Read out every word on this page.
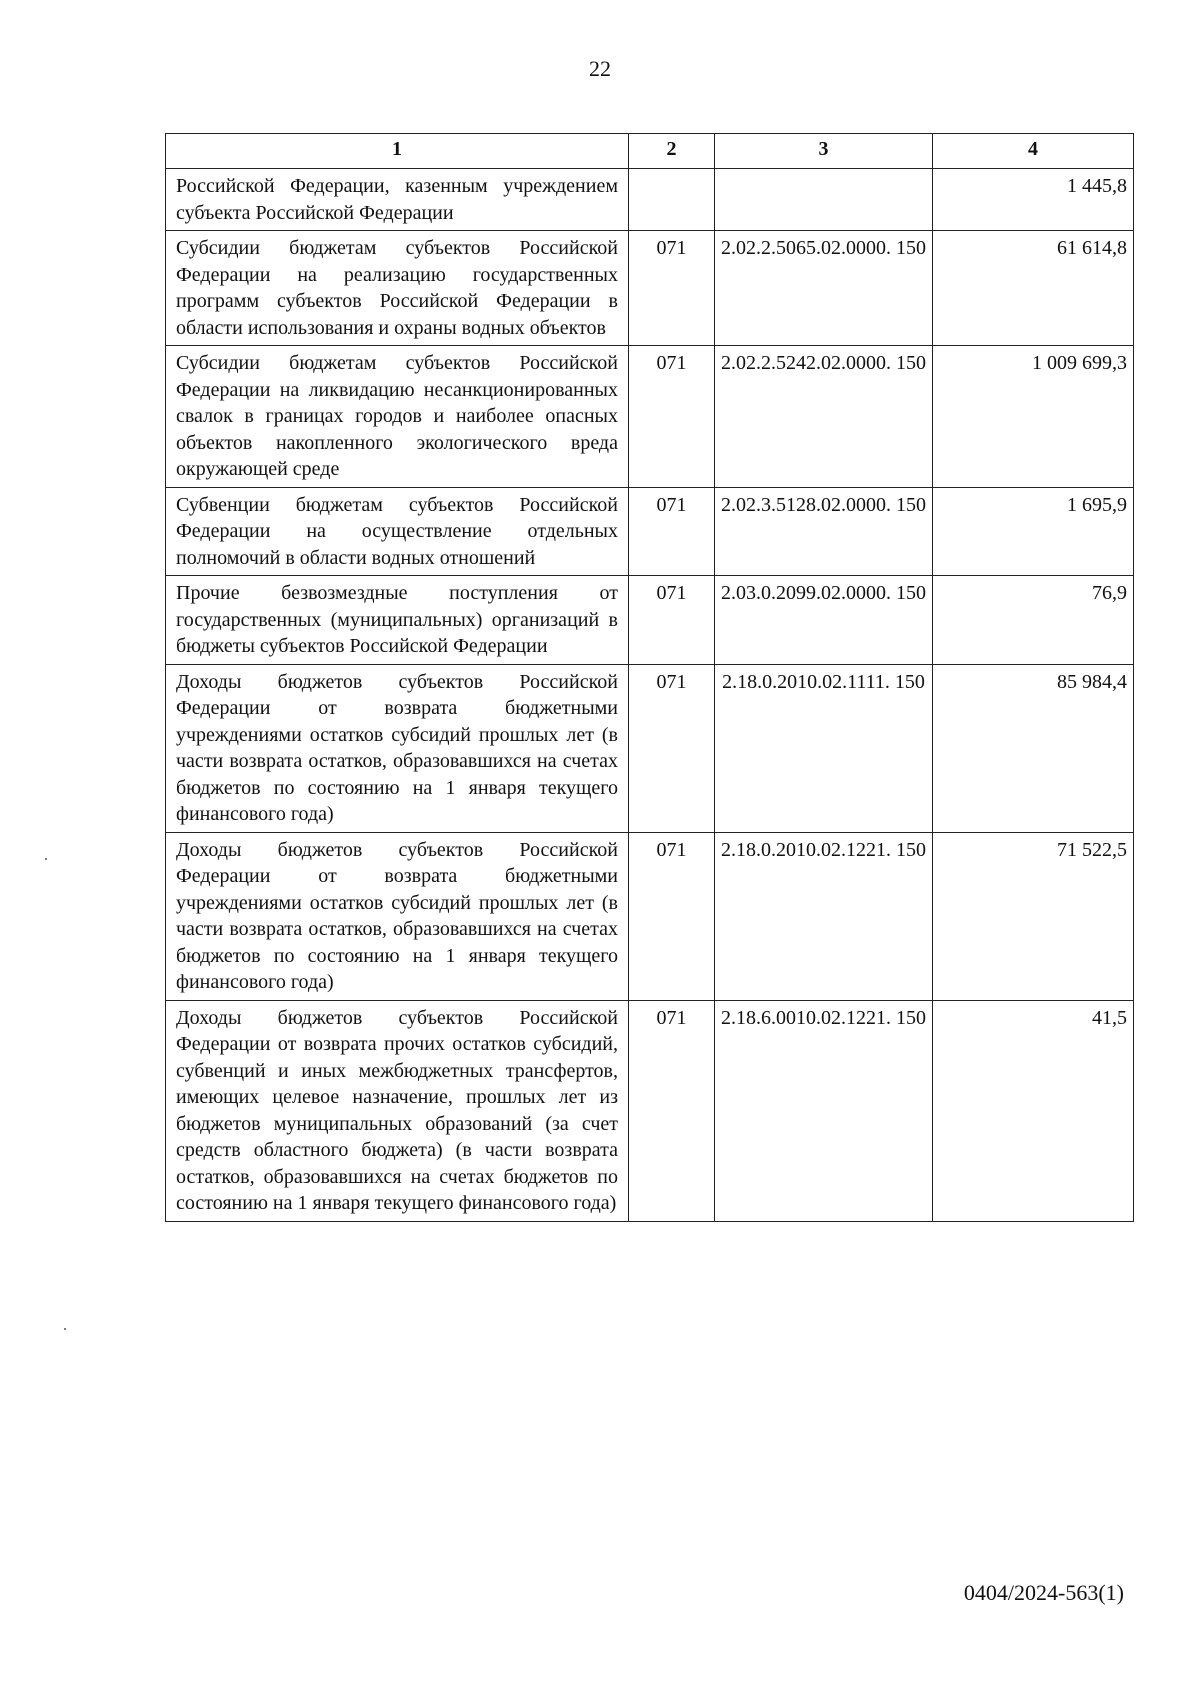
22
1	2	3	4
Российской Федерации, казенным учреждением субъекта Российской Федерации			1 445,8
Субсидии бюджетам субъектов Российской Федерации на реализацию государственных программ субъектов Российской Федерации в области использования и охраны водных объектов	071	2.02.2.5065.02.0000. 150	61 614,8
Субсидии бюджетам субъектов Российской Федерации на ликвидацию несанкционированных свалок в границах городов и наиболее опасных объектов накопленного экологического вреда окружающей среде	071	2.02.2.5242.02.0000. 150	1 009 699,3
Субвенции бюджетам субъектов Российской Федерации на осуществление отдельных полномочий в области водных отношений	071	2.02.3.5128.02.0000. 150	1 695,9
Прочие безвозмездные поступления от государственных (муниципальных) организаций в бюджеты субъектов Российской Федерации	071	2.03.0.2099.02.0000. 150	76,9
Доходы бюджетов субъектов Российской Федерации от возврата бюджетными учреждениями остатков субсидий прошлых лет (в части возврата остатков, образовавшихся на счетах бюджетов по состоянию на 1 января текущего финансового года)	071	2.18.0.2010.02.1111. 150	85 984,4
Доходы бюджетов субъектов Российской Федерации от возврата бюджетными учреждениями остатков субсидий прошлых лет (в части возврата остатков, образовавшихся на счетах бюджетов по состоянию на 1 января текущего финансового года)	071	2.18.0.2010.02.1221. 150	71 522,5
Доходы бюджетов субъектов Российской Федерации от возврата прочих остатков субсидий, субвенций и иных межбюджетных трансфертов, имеющих целевое назначение, прошлых лет из бюджетов муниципальных образований (за счет средств областного бюджета) (в части возврата остатков, образовавшихся на счетах бюджетов по состоянию на 1 января текущего финансового года)	071	2.18.6.0010.02.1221. 150	41,5
0404/2024-563(1)
